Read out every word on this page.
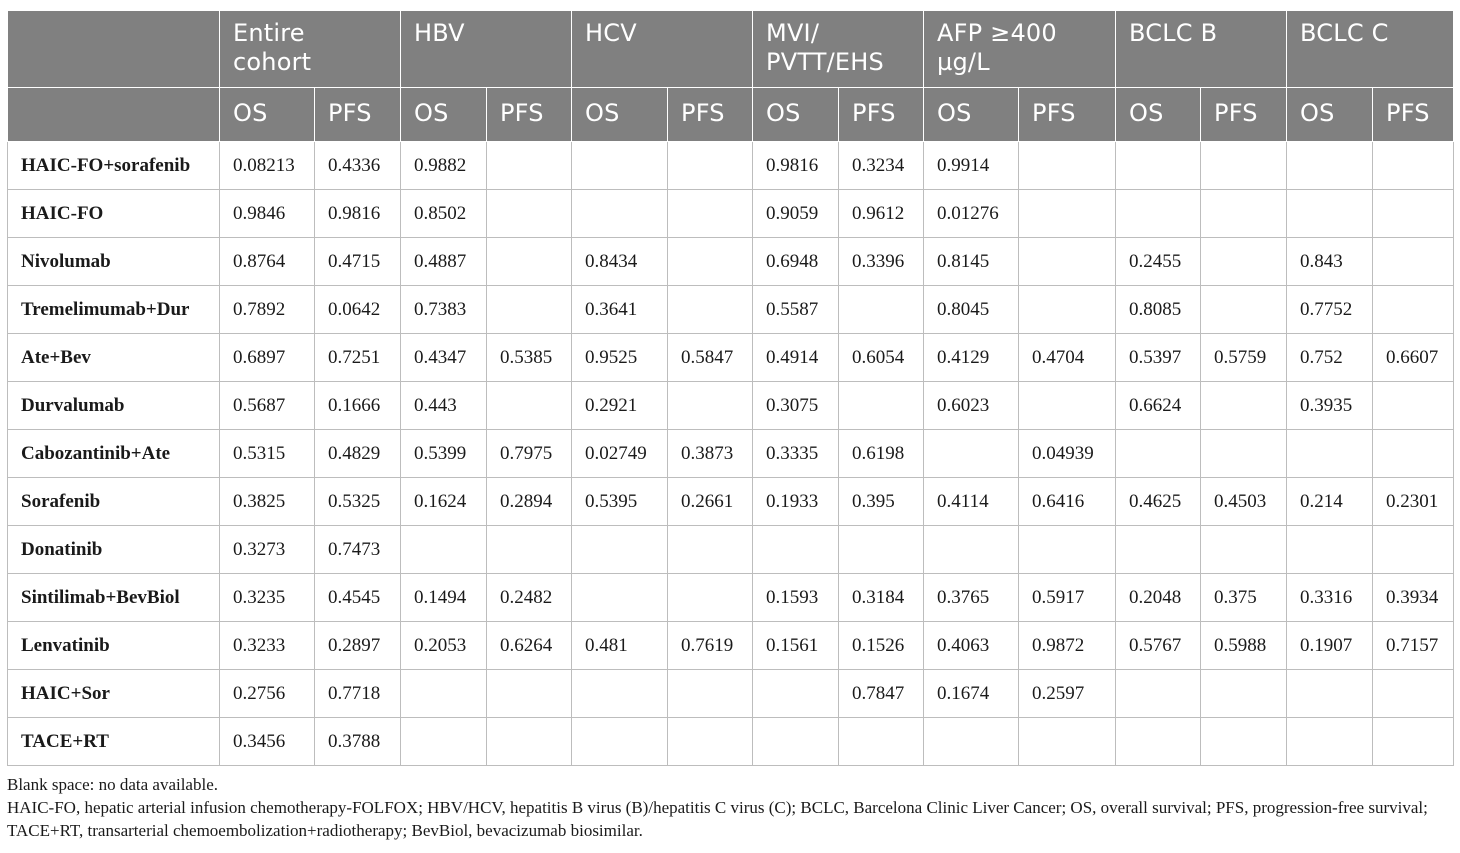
	Entire cohort		HBV		HCV		MVI/ PVTT/EHS		AFP ≥400 µg/L		BCLC B		BCLC C	
	OS	PFS	OS	PFS	OS	PFS	OS	PFS	OS	PFS	OS	PFS	OS	PFS
HAIC-FO+sorafenib	0.08213	0.4336	0.9882				0.9816	0.3234	0.9914					
HAIC-FO	0.9846	0.9816	0.8502				0.9059	0.9612	0.01276					
Nivolumab	0.8764	0.4715	0.4887		0.8434		0.6948	0.3396	0.8145		0.2455		0.843	
Tremelimumab+Dur	0.7892	0.0642	0.7383		0.3641		0.5587		0.8045		0.8085		0.7752	
Ate+Bev	0.6897	0.7251	0.4347	0.5385	0.9525	0.5847	0.4914	0.6054	0.4129	0.4704	0.5397	0.5759	0.752	0.6607
Durvalumab	0.5687	0.1666	0.443		0.2921		0.3075		0.6023		0.6624		0.3935	
Cabozantinib+Ate	0.5315	0.4829	0.5399	0.7975	0.02749	0.3873	0.3335	0.6198		0.04939				
Sorafenib	0.3825	0.5325	0.1624	0.2894	0.5395	0.2661	0.1933	0.395	0.4114	0.6416	0.4625	0.4503	0.214	0.2301
Donatinib	0.3273	0.7473												
Sintilimab+BevBiol	0.3235	0.4545	0.1494	0.2482			0.1593	0.3184	0.3765	0.5917	0.2048	0.375	0.3316	0.3934
Lenvatinib	0.3233	0.2897	0.2053	0.6264	0.481	0.7619	0.1561	0.1526	0.4063	0.9872	0.5767	0.5988	0.1907	0.7157
HAIC+Sor	0.2756	0.7718						0.7847	0.1674	0.2597				
TACE+RT	0.3456	0.3788												
Blank space: no data available.
HAIC-FO, hepatic arterial infusion chemotherapy-FOLFOX; HBV/HCV, hepatitis B virus (B)/hepatitis C virus (C); BCLC, Barcelona Clinic Liver Cancer; OS, overall survival; PFS, progression-free survival; TACE+RT, transarterial chemoembolization+radiotherapy; BevBiol, bevacizumab biosimilar.
